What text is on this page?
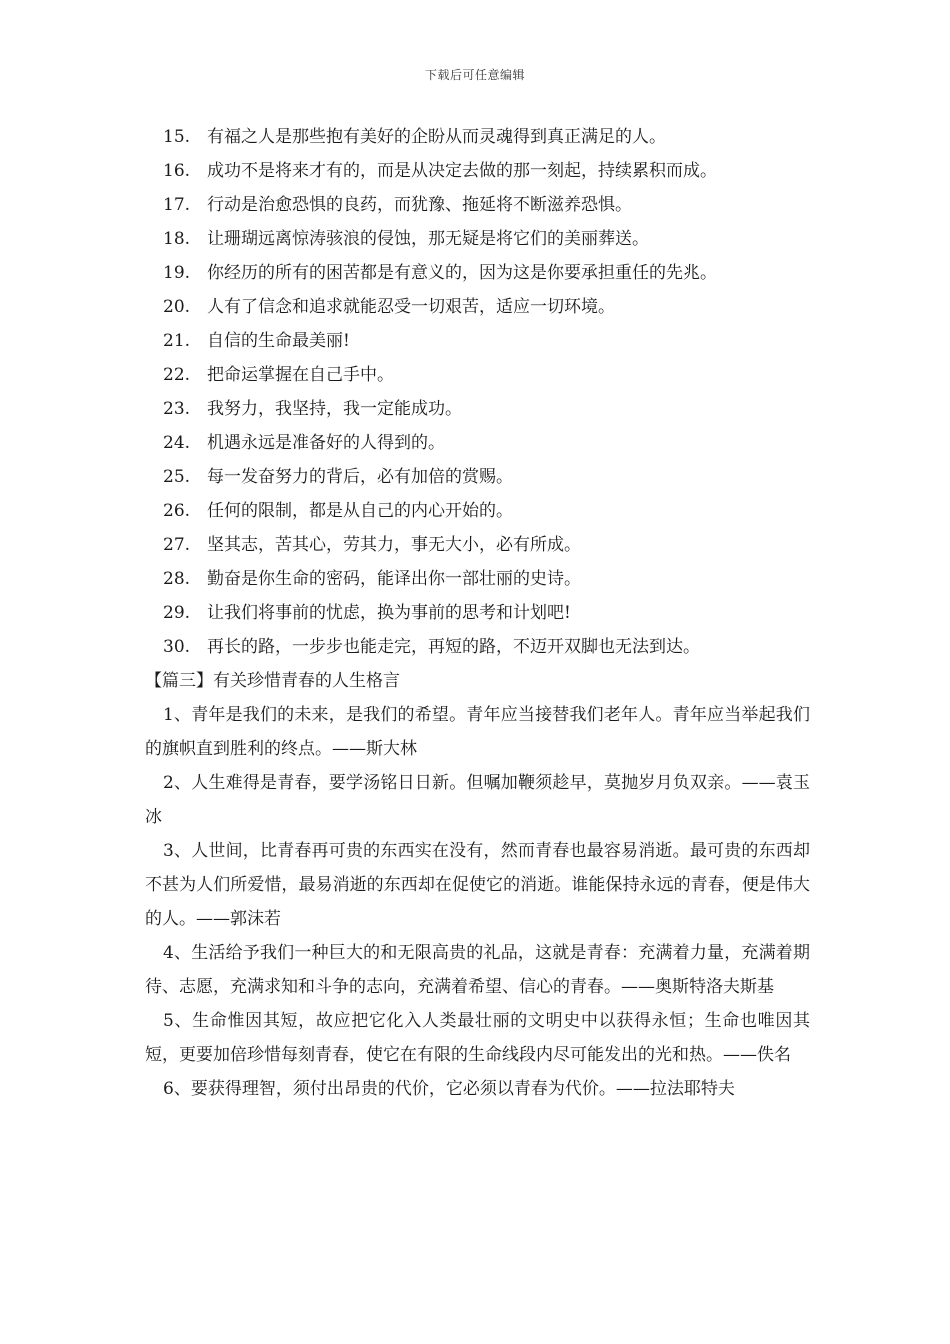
下载后可任意编辑
15. 有福之人是那些抱有美好的企盼从而灵魂得到真正满足的人。
16. 成功不是将来才有的，而是从决定去做的那一刻起，持续累积而成。
17. 行动是治愈恐惧的良药，而犹豫、拖延将不断滋养恐惧。
18. 让珊瑚远离惊涛骇浪的侵蚀，那无疑是将它们的美丽葬送。
19. 你经历的所有的困苦都是有意义的，因为这是你要承担重任的先兆。
20. 人有了信念和追求就能忍受一切艰苦，适应一切环境。
21. 自信的生命最美丽!
22. 把命运掌握在自己手中。
23. 我努力，我坚持，我一定能成功。
24. 机遇永远是准备好的人得到的。
25. 每一发奋努力的背后，必有加倍的赏赐。
26. 任何的限制，都是从自己的内心开始的。
27. 坚其志，苦其心，劳其力，事无大小，必有所成。
28. 勤奋是你生命的密码，能译出你一部壮丽的史诗。
29. 让我们将事前的忧虑，换为事前的思考和计划吧!
30. 再长的路，一步步也能走完，再短的路，不迈开双脚也无法到达。
【篇三】有关珍惜青春的人生格言

1、青年是我们的未来，是我们的希望。青年应当接替我们老年人。青年应当举起我们的旗帜直到胜利的终点。——斯大林

2、人生难得是青春，要学汤铭日日新。但嘱加鞭须趁早，莫抛岁月负双亲。——袁玉冰

3、人世间，比青春再可贵的东西实在没有，然而青春也最容易消逝。最可贵的东西却不甚为人们所爱惜，最易消逝的东西却在促使它的消逝。谁能保持永远的青春，便是伟大的人。——郭沫若

4、生活给予我们一种巨大的和无限高贵的礼品，这就是青春：充满着力量，充满着期待、志愿，充满求知和斗争的志向，充满着希望、信心的青春。——奥斯特洛夫斯基

5、生命惟因其短，故应把它化入人类最壮丽的文明史中以获得永恒；生命也唯因其短，更要加倍珍惜每刻青春，使它在有限的生命线段内尽可能发出的光和热。——佚名

6、要获得理智，须付出昂贵的代价，它必须以青春为代价。——拉法耶特夫
